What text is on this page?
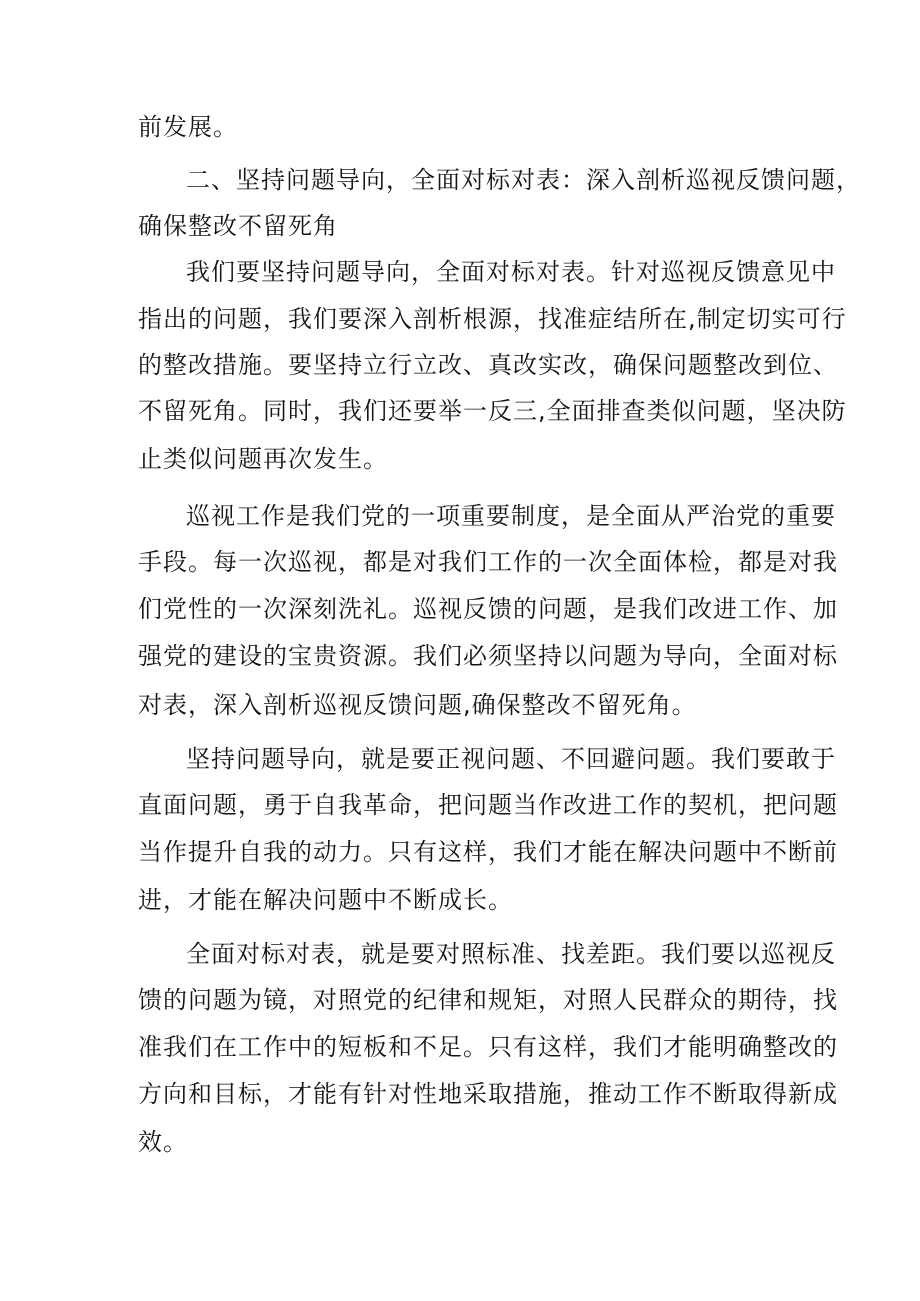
前发展。
二、坚持问题导向，全面对标对表：深入剖析巡视反馈问题，
确保整改不留死角
我们要坚持问题导向，全面对标对表。针对巡视反馈意见中
指出的问题，我们要深入剖析根源，找准症结所在,制定切实可行
的整改措施。要坚持立行立改、真改实改，确保问题整改到位、
不留死角。同时，我们还要举一反三,全面排查类似问题，坚决防
止类似问题再次发生。
巡视工作是我们党的一项重要制度，是全面从严治党的重要
手段。每一次巡视，都是对我们工作的一次全面体检，都是对我
们党性的一次深刻洗礼。巡视反馈的问题，是我们改进工作、加
强党的建设的宝贵资源。我们必须坚持以问题为导向，全面对标
对表，深入剖析巡视反馈问题,确保整改不留死角。
坚持问题导向，就是要正视问题、不回避问题。我们要敢于
直面问题，勇于自我革命，把问题当作改进工作的契机，把问题
当作提升自我的动力。只有这样，我们才能在解决问题中不断前
进，才能在解决问题中不断成长。
全面对标对表，就是要对照标准、找差距。我们要以巡视反
馈的问题为镜，对照党的纪律和规矩，对照人民群众的期待，找
准我们在工作中的短板和不足。只有这样，我们才能明确整改的
方向和目标，才能有针对性地采取措施，推动工作不断取得新成
效。
